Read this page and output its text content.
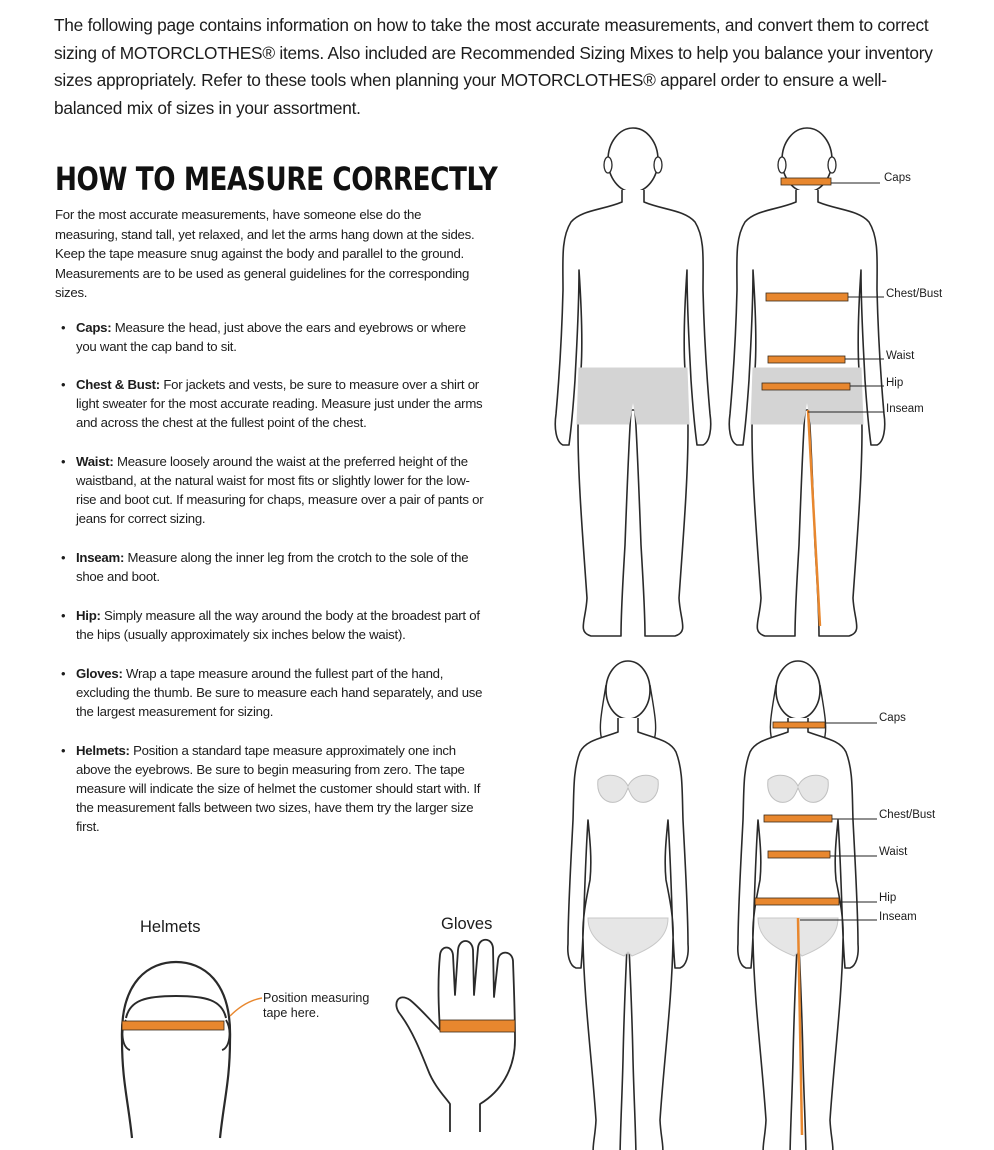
The following page contains information on how to take the most accurate measurements, and convert them to correct sizing of MOTORCLOTHES® items. Also included are Recommended Sizing Mixes to help you balance your inventory sizes appropriately. Refer to these tools when planning your MOTORCLOTHES® apparel order to ensure a well-balanced mix of sizes in your assortment.

HOW TO MEASURE CORRECTLY

For the most accurate measurements, have someone else do the measuring, stand tall, yet relaxed, and let the arms hang down at the sides. Keep the tape measure snug against the body and parallel to the ground. Measurements are to be used as general guidelines for the corresponding sizes.

• Caps: Measure the head, just above the ears and eyebrows or where you want the cap band to sit.
• Chest & Bust: For jackets and vests, be sure to measure over a shirt or light sweater for the most accurate reading. Measure just under the arms and across the chest at the fullest point of the chest.
• Waist: Measure loosely around the waist at the preferred height of the waistband, at the natural waist for most fits or slightly lower for the low-rise and boot cut. If measuring for chaps, measure over a pair of pants or jeans for correct sizing.
• Inseam: Measure along the inner leg from the crotch to the sole of the shoe and boot.
• Hip: Simply measure all the way around the body at the broadest part of the hips (usually approximately six inches below the waist).
• Gloves: Wrap a tape measure around the fullest part of the hand, excluding the thumb. Be sure to measure each hand separately, and use the largest measurement for sizing.
• Helmets: Position a standard tape measure approximately one inch above the eyebrows. Be sure to begin measuring from zero. The tape measure will indicate the size of helmet the customer should start with. If the measurement falls between two sizes, have them try the larger size first.
Caps
Chest/Bust
Waist
Hip
Inseam
Caps
Chest/Bust
Waist
Hip
Inseam
Helmets
Position measuring
tape here.
Gloves
